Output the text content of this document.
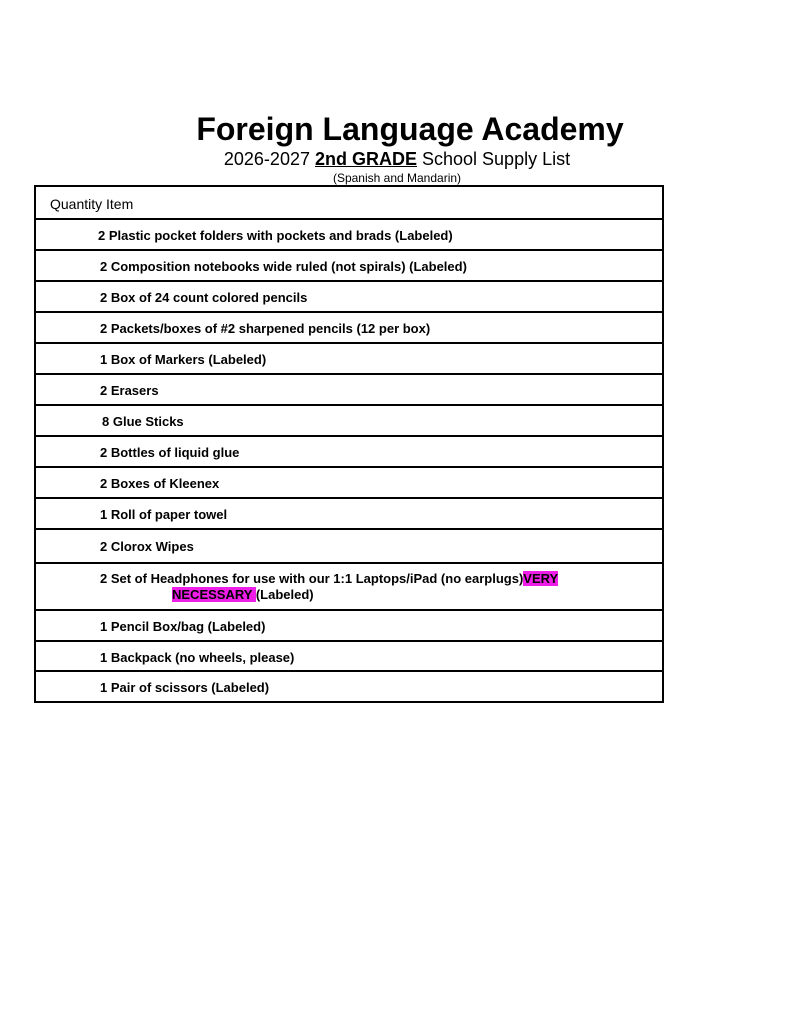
Foreign Language Academy
2026-2027 2nd GRADE School Supply List
(Spanish and Mandarin)
Quantity Item
2 Plastic pocket folders with pockets and brads (Labeled)
2 Composition notebooks wide ruled (not spirals) (Labeled)
2 Box of 24 count colored pencils
2 Packets/boxes of #2 sharpened pencils (12 per box)
1 Box of Markers (Labeled)
2 Erasers
8 Glue Sticks
2 Bottles of liquid glue
2 Boxes of Kleenex
1 Roll of paper towel
2 Clorox Wipes
2 Set of Headphones for use with our 1:1 Laptops/iPad (no earplugs)VERY
NECESSARY (Labeled)
1 Pencil Box/bag (Labeled)
1 Backpack (no wheels, please)
1 Pair of scissors (Labeled)
